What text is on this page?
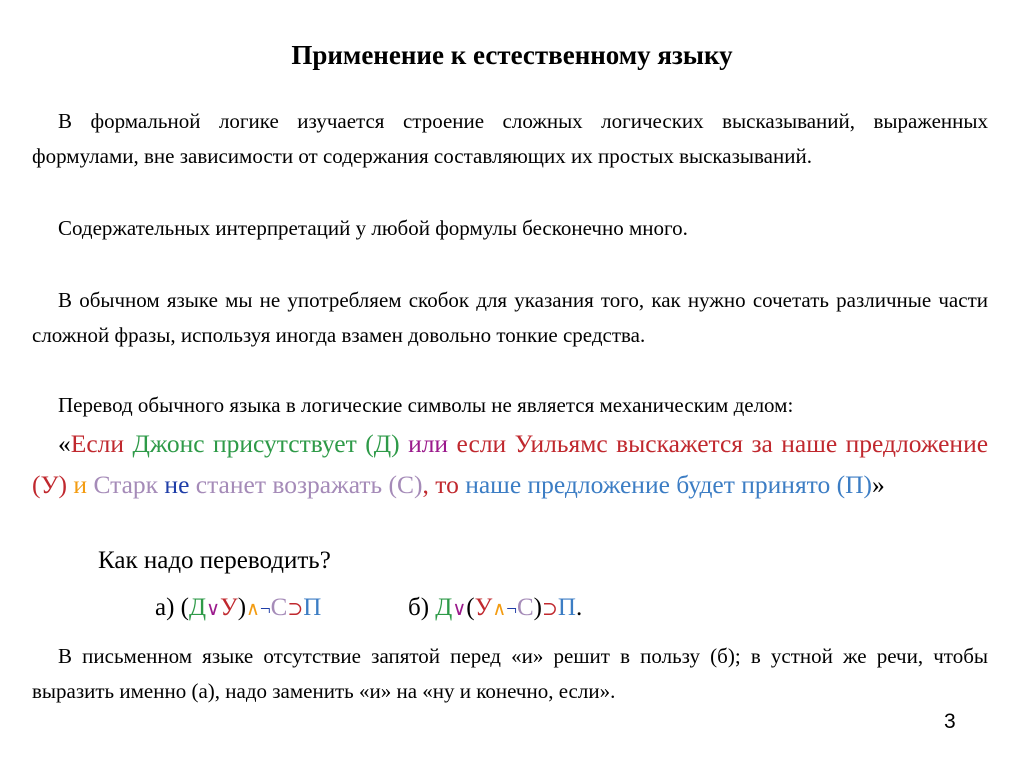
Применение к естественному языку
В формальной логике изучается строение сложных логических высказываний, выраженных формулами, вне зависимости от содержания составляющих их простых высказываний.
Содержательных интерпретаций у любой формулы бесконечно много.
В обычном языке мы не употребляем скобок для указания того, как нужно сочетать различные части сложной фразы, используя иногда взамен довольно тонкие средства.
Перевод обычного языка в логические символы не является механическим делом:
«Если Джонс присутствует (Д) или если Уильямс выскажется за наше предложение (У) и Старк не станет возражать (С), то наше предложение будет принято (П)»
Как надо переводить?
а) (Д∨У)∧¬С⊃П	б) Д∨(У∧¬С)⊃П.
В письменном языке отсутствие запятой перед «и» решит в пользу (б); в устной же речи, чтобы выразить именно (а), надо заменить «и» на «ну и конечно, если».
3
